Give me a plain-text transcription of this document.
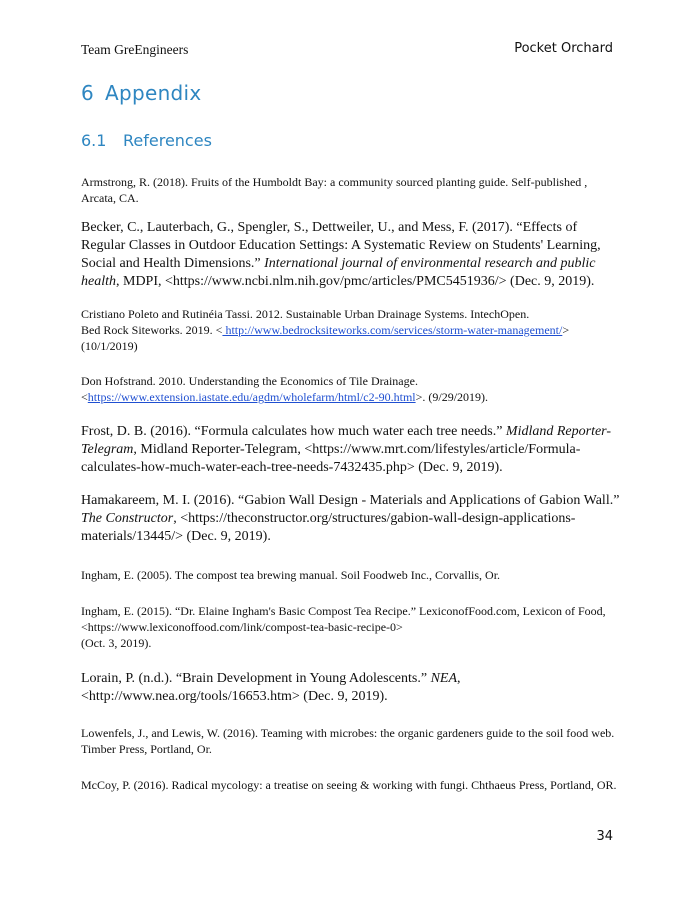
Team GreEngineers	Pocket Orchard
6 Appendix
6.1 References

Armstrong, R. (2018). Fruits of the Humboldt Bay: a community sourced planting guide. Self-published , Arcata, CA.

Becker, C., Lauterbach, G., Spengler, S., Dettweiler, U., and Mess, F. (2017). “Effects of Regular Classes in Outdoor Education Settings: A Systematic Review on Students' Learning, Social and Health Dimensions.” International journal of environmental research and public health, MDPI, <https://www.ncbi.nlm.nih.gov/pmc/articles/PMC5451936/> (Dec. 9, 2019).

Cristiano Poleto and Rutinéia Tassi. 2012. Sustainable Urban Drainage Systems. IntechOpen.

Bed Rock Siteworks. 2019. < http://www.bedrocksiteworks.com/services/storm-water-management/> (10/1/2019)

Don Hofstrand. 2010. Understanding the Economics of Tile Drainage. <https://www.extension.iastate.edu/agdm/wholefarm/html/c2-90.html>. (9/29/2019).

Frost, D. B. (2016). “Formula calculates how much water each tree needs.” Midland Reporter-Telegram, Midland Reporter-Telegram, <https://www.mrt.com/lifestyles/article/Formula-calculates-how-much-water-each-tree-needs-7432435.php> (Dec. 9, 2019).

Hamakareem, M. I. (2016). “Gabion Wall Design - Materials and Applications of Gabion Wall.” The Constructor, <https://theconstructor.org/structures/gabion-wall-design-applications-materials/13445/> (Dec. 9, 2019).

Ingham, E. (2005). The compost tea brewing manual. Soil Foodweb Inc., Corvallis, Or.

Ingham, E. (2015). “Dr. Elaine Ingham's Basic Compost Tea Recipe.” LexiconofFood.com, Lexicon of Food, <https://www.lexiconoffood.com/link/compost-tea-basic-recipe-0>

(Oct. 3, 2019).

Lorain, P. (n.d.). “Brain Development in Young Adolescents.” NEA, <http://www.nea.org/tools/16653.htm> (Dec. 9, 2019).

Lowenfels, J., and Lewis, W. (2016). Teaming with microbes: the organic gardeners guide to the soil food web. Timber Press, Portland, Or.

McCoy, P. (2016). Radical mycology: a treatise on seeing & working with fungi. Chthaeus Press, Portland, OR.

34
